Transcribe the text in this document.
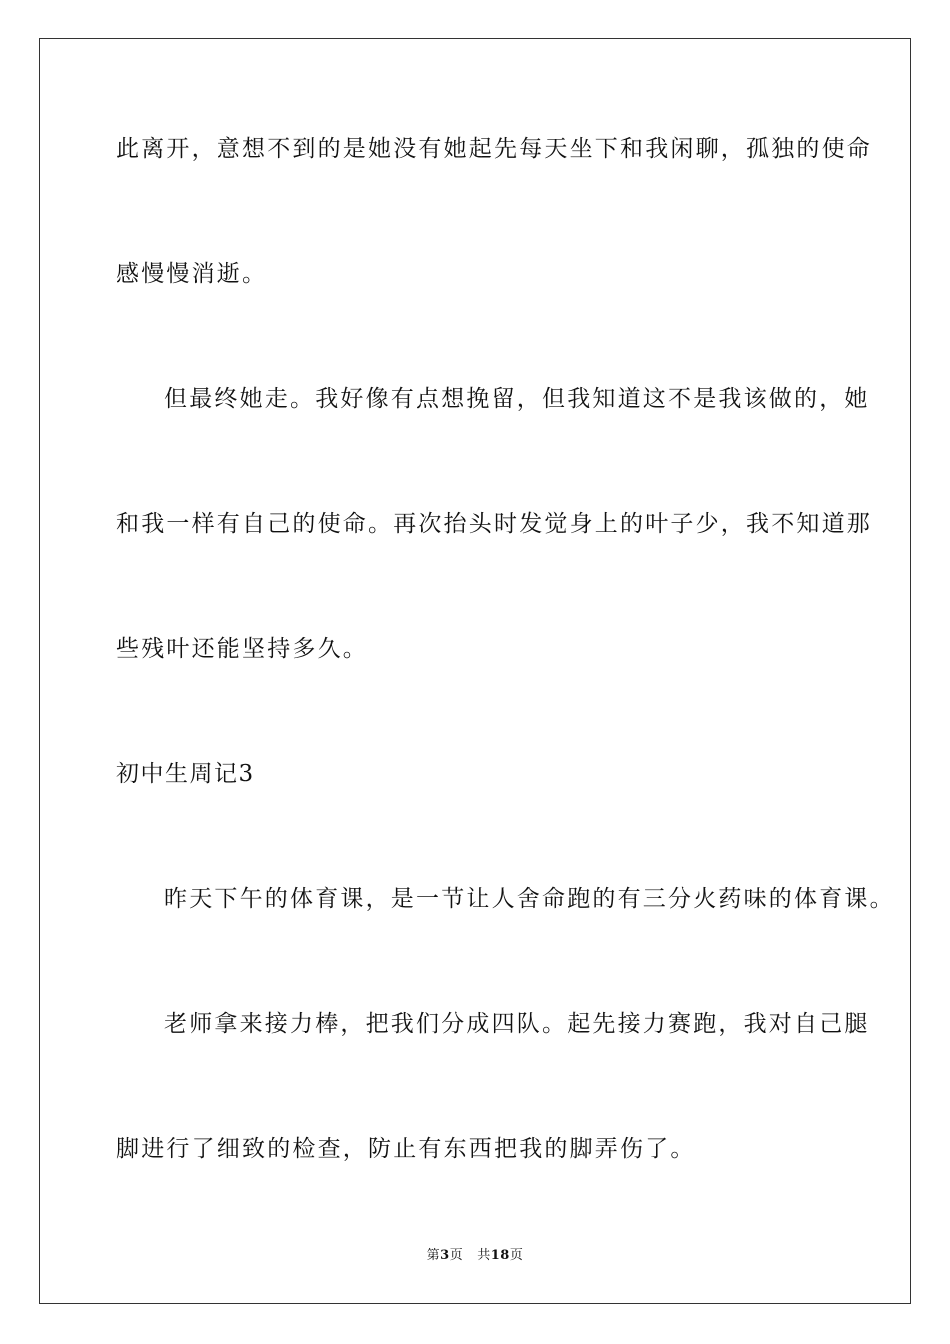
此离开，意想不到的是她没有她起先每天坐下和我闲聊，孤独的使命
感慢慢消逝。
但最终她走。我好像有点想挽留，但我知道这不是我该做的，她
和我一样有自己的使命。再次抬头时发觉身上的叶子少，我不知道那
些残叶还能坚持多久。
初中生周记3
昨天下午的体育课，是一节让人舍命跑的有三分火药味的体育课。
老师拿来接力棒，把我们分成四队。起先接力赛跑，我对自己腿
脚进行了细致的检查，防止有东西把我的脚弄伤了。
第3页 共18页
